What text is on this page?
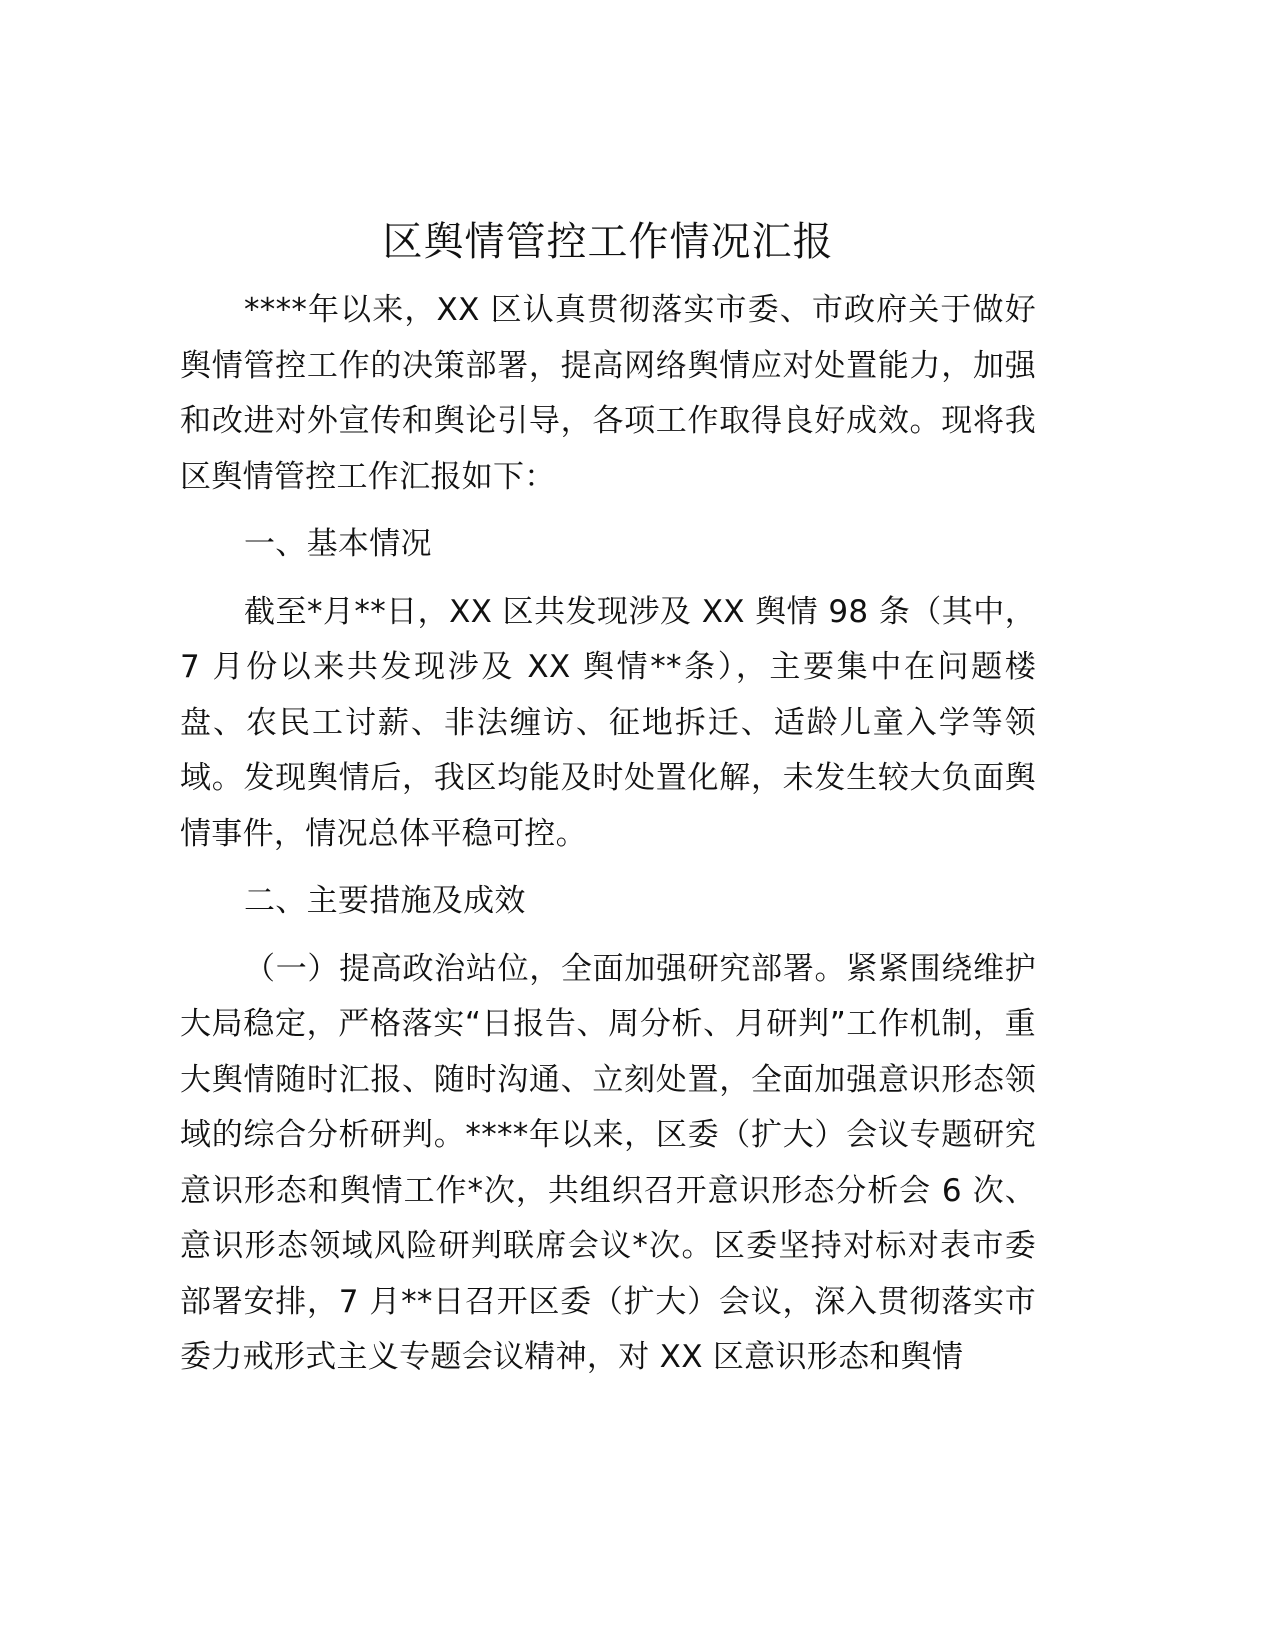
区舆情管控工作情况汇报

****年以来，XX 区认真贯彻落实市委、市政府关于做好舆情管控工作的决策部署，提高网络舆情应对处置能力，加强和改进对外宣传和舆论引导，各项工作取得良好成效。现将我区舆情管控工作汇报如下：

一、基本情况

截至*月**日，XX 区共发现涉及 XX 舆情 98 条（其中，7 月份以来共发现涉及 XX 舆情**条），主要集中在问题楼盘、农民工讨薪、非法缠访、征地拆迁、适龄儿童入学等领域。发现舆情后，我区均能及时处置化解，未发生较大负面舆情事件，情况总体平稳可控。

二、主要措施及成效

（一）提高政治站位，全面加强研究部署。紧紧围绕维护大局稳定，严格落实“日报告、周分析、月研判”工作机制，重大舆情随时汇报、随时沟通、立刻处置，全面加强意识形态领域的综合分析研判。****年以来，区委（扩大）会议专题研究意识形态和舆情工作*次，共组织召开意识形态分析会 6 次、意识形态领域风险研判联席会议*次。区委坚持对标对表市委部署安排，7 月**日召开区委（扩大）会议，深入贯彻落实市委力戒形式主义专题会议精神，对 XX 区意识形态和舆情
